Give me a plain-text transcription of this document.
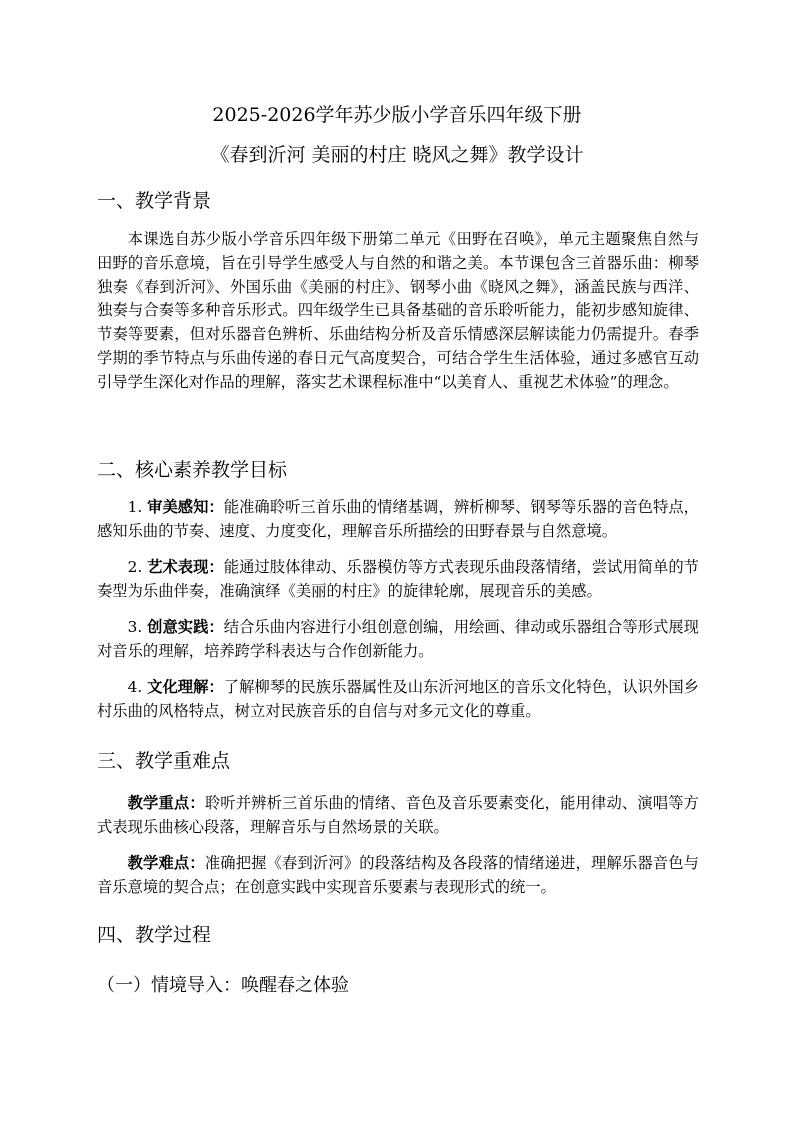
2025-2026学年苏少版小学音乐四年级下册
《春到沂河 美丽的村庄 晓风之舞》教学设计
一、教学背景

本课选自苏少版小学音乐四年级下册第二单元《田野在召唤》，单元主题聚焦自然与田野的音乐意境，旨在引导学生感受人与自然的和谐之美。本节课包含三首器乐曲：柳琴独奏《春到沂河》、外国乐曲《美丽的村庄》、钢琴小曲《晓风之舞》，涵盖民族与西洋、独奏与合奏等多种音乐形式。四年级学生已具备基础的音乐聆听能力，能初步感知旋律、节奏等要素，但对乐器音色辨析、乐曲结构分析及音乐情感深层解读能力仍需提升。春季学期的季节特点与乐曲传递的春日元气高度契合，可结合学生生活体验，通过多感官互动引导学生深化对作品的理解，落实艺术课程标准中“以美育人、重视艺术体验”的理念。

二、核心素养教学目标

1. 审美感知：能准确聆听三首乐曲的情绪基调，辨析柳琴、钢琴等乐器的音色特点，感知乐曲的节奏、速度、力度变化，理解音乐所描绘的田野春景与自然意境。

2. 艺术表现：能通过肢体律动、乐器模仿等方式表现乐曲段落情绪，尝试用简单的节奏型为乐曲伴奏，准确演绎《美丽的村庄》的旋律轮廓，展现音乐的美感。

3. 创意实践：结合乐曲内容进行小组创意创编，用绘画、律动或乐器组合等形式展现对音乐的理解，培养跨学科表达与合作创新能力。

4. 文化理解：了解柳琴的民族乐器属性及山东沂河地区的音乐文化特色，认识外国乡村乐曲的风格特点，树立对民族音乐的自信与对多元文化的尊重。

三、教学重难点

教学重点：聆听并辨析三首乐曲的情绪、音色及音乐要素变化，能用律动、演唱等方式表现乐曲核心段落，理解音乐与自然场景的关联。

教学难点：准确把握《春到沂河》的段落结构及各段落的情绪递进，理解乐器音色与音乐意境的契合点；在创意实践中实现音乐要素与表现形式的统一。

四、教学过程
（一）情境导入：唤醒春之体验
